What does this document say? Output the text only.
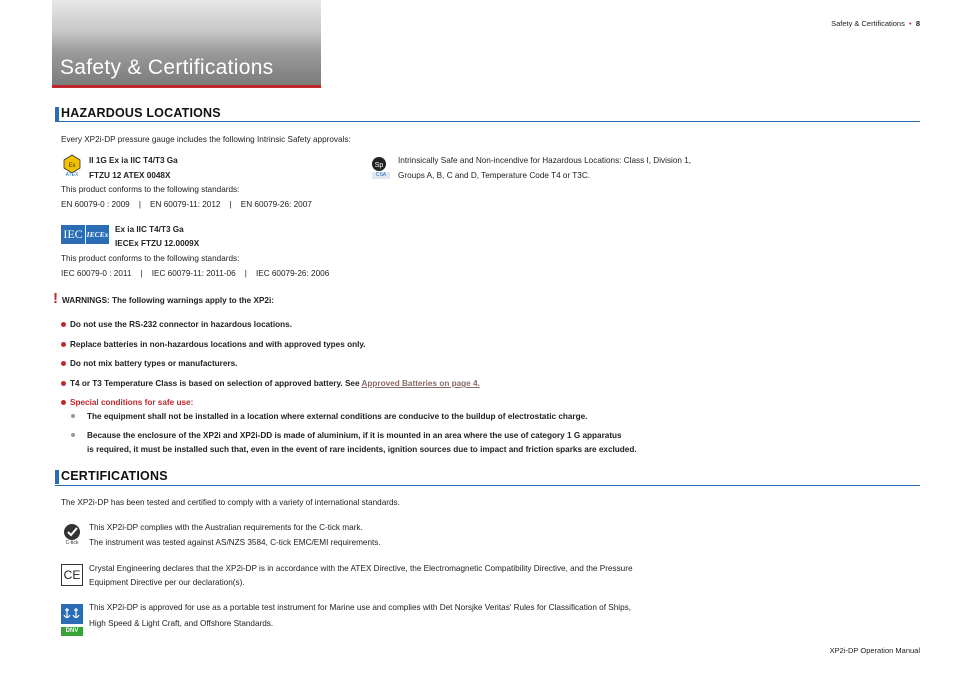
Safety & Certifications
Safety & Certifications  •  8
HAZARDOUS LOCATIONS
Every XP2i-DP pressure gauge includes the following Intrinsic Safety approvals:
Ex
ATEX
II 1G Ex ia IIC T4/T3 Ga
FTZU 12 ATEX 0048X
This product conforms to the following standards:
EN 60079-0 : 2009    |    EN 60079-11: 2012    |    EN 60079-26: 2007
Sp
CSA
Intrinsically Safe and Non-incendive for Hazardous Locations: Class I, Division 1,
Groups A, B, C and D, Temperature Code T4 or T3C.
IEC IECEx
Ex ia IIC T4/T3 Ga
IECEx FTZU 12.0009X
This product conforms to the following standards:
IEC 60079-0 : 2011    |    IEC 60079-11: 2011-06    |    IEC 60079-26: 2006
! WARNINGS: The following warnings apply to the XP2i:
Do not use the RS-232 connector in hazardous locations.
Replace batteries in non-hazardous locations and with approved types only.
Do not mix battery types or manufacturers.
T4 or T3 Temperature Class is based on selection of approved battery. See Approved Batteries on page 4.
Special conditions for safe use:
The equipment shall not be installed in a location where external conditions are conducive to the buildup of electrostatic charge.
Because the enclosure of the XP2i and XP2i-DD is made of aluminium, if it is mounted in an area where the use of category 1 G apparatus
is required, it must be installed such that, even in the event of rare incidents, ignition sources due to impact and friction sparks are excluded.
CERTIFICATIONS
The XP2i-DP has been tested and certified to comply with a variety of international standards.
C-tick
This XP2i-DP complies with the Australian requirements for the C-tick mark.
The instrument was tested against AS/NZS 3584, C-tick EMC/EMI requirements.
CE	Crystal Engineering declares that the XP2i-DP is in accordance with the ATEX Directive, the Electromagnetic Compatibility Directive, and the Pressure
Equipment Directive per our declaration(s).
DNV
This XP2i-DP is approved for use as a portable test instrument for Marine use and complies with Det Norsjke Veritas' Rules for Classification of Ships,
High Speed & Light Craft, and Offshore Standards.
XP2i-DP Operation Manual
